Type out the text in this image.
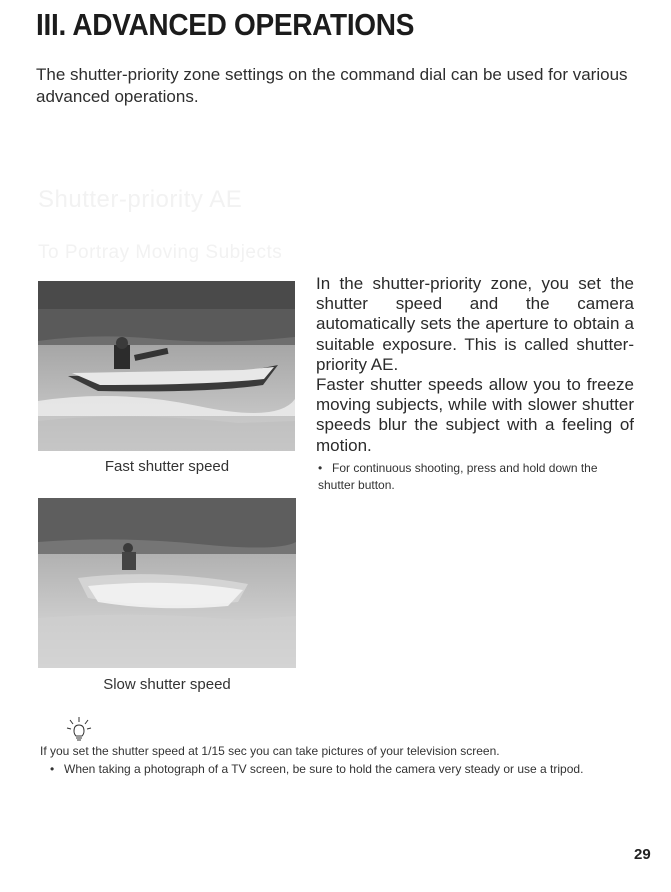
III. ADVANCED OPERATIONS
The shutter-priority zone settings on the command dial can be used for various advanced operations.
Shutter-priority AE
To Portray Moving Subjects
Fast shutter speed
Slow shutter speed

In the shutter-priority zone, you set the shutter speed and the camera automatically sets the aperture to obtain a suitable exposure. This is called shutter-priority AE.

Faster shutter speeds allow you to freeze moving subjects, while with slower shutter speeds blur the subject with a feeling of motion.

• For continuous shooting, press and hold down the shutter button.
If you set the shutter speed at 1/15 sec you can take pictures of your television screen.
• When taking a photograph of a TV screen, be sure to hold the camera very steady or use a tripod.
29
